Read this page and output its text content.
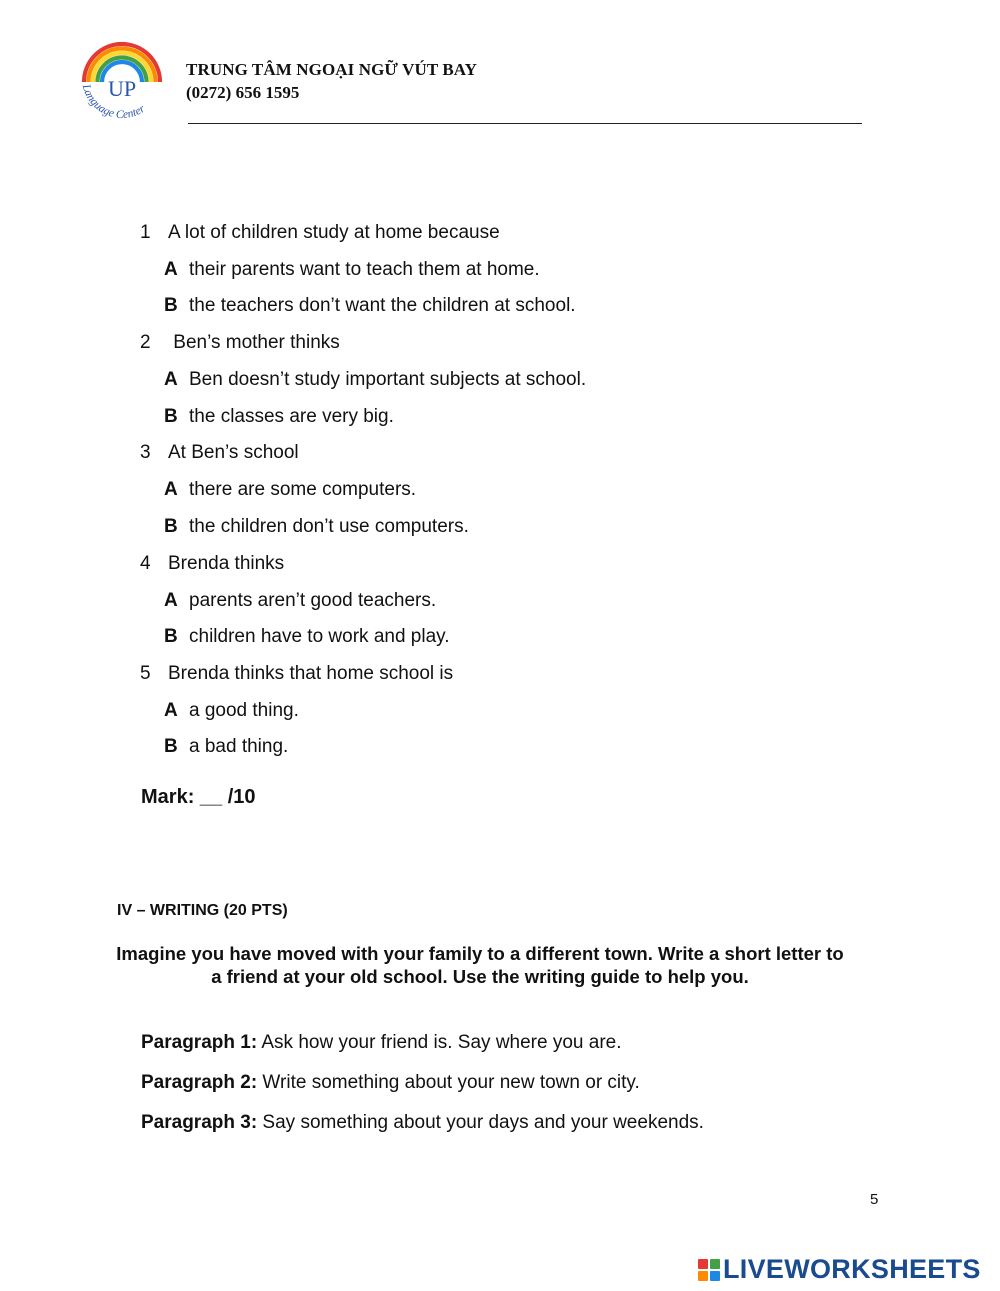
UP
Language Center
TRUNG TÂM NGOẠI NGỮ VÚT BAY
(0272) 656 1595
1 A lot of children study at home because
A their parents want to teach them at home.
B the teachers don’t want the children at school.
2 Ben’s mother thinks
A Ben doesn’t study important subjects at school.
B the classes are very big.
3 At Ben’s school
A there are some computers.
B the children don’t use computers.
4 Brenda thinks
A parents aren’t good teachers.
B children have to work and play.
5 Brenda thinks that home school is
A a good thing.
B a bad thing.
Mark: __ /10
IV – WRITING (20 PTS)
Imagine you have moved with your family to a different town. Write a short letter to a friend at your old school. Use the writing guide to help you.
Paragraph 1: Ask how your friend is. Say where you are.
Paragraph 2: Write something about your new town or city.
Paragraph 3: Say something about your days and your weekends.
5
LIVEWORKSHEETS
